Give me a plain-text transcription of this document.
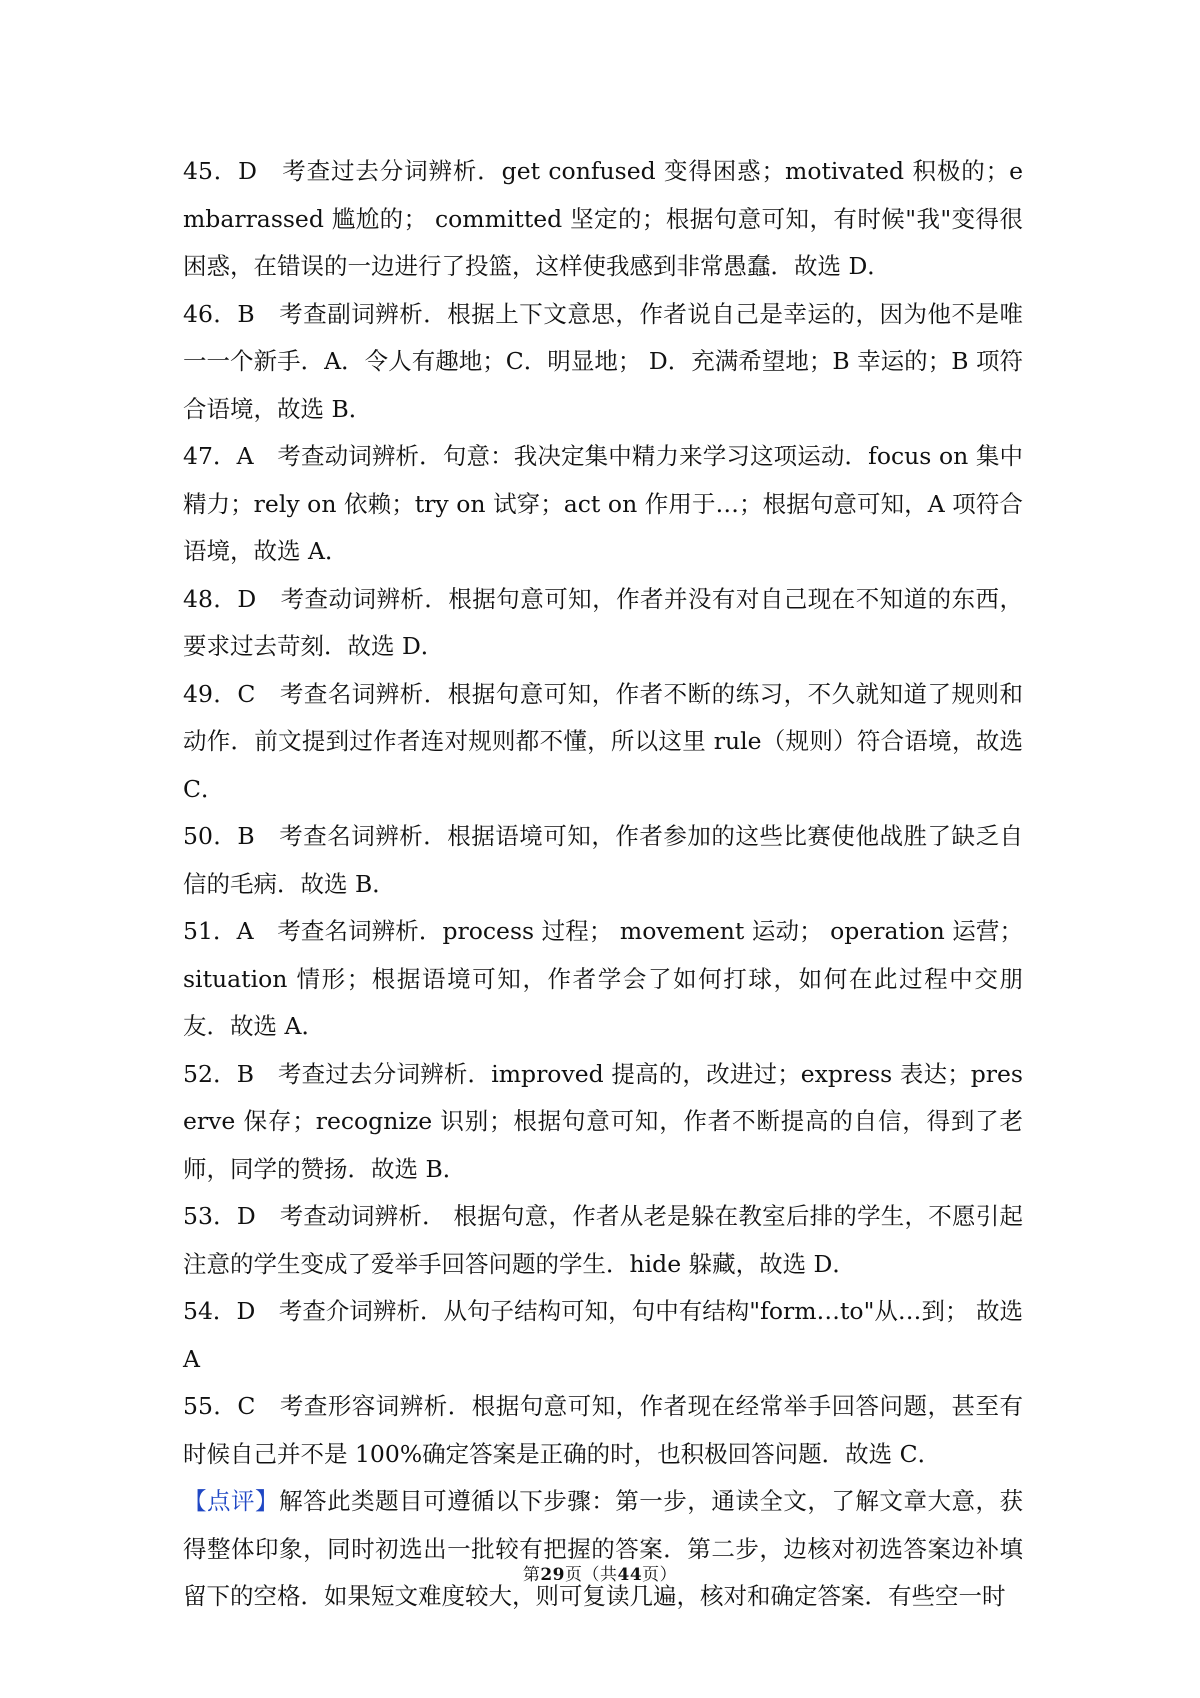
45．D　考查过去分词辨析．get confused 变得困惑；motivated 积极的；embarrassed 尴尬的； committed 坚定的；根据句意可知，有时候"我"变得很困惑，在错误的一边进行了投篮，这样使我感到非常愚蠢．故选 D．

46．B　考查副词辨析．根据上下文意思，作者说自己是幸运的，因为他不是唯一一个新手．A．令人有趣地；C．明显地； D．充满希望地；B 幸运的；B 项符合语境，故选 B．

47．A　考查动词辨析．句意：我决定集中精力来学习这项运动．focus on 集中精力；rely on 依赖；try on 试穿；act on 作用于…；根据句意可知，A 项符合语境，故选 A．

48．D　考查动词辨析．根据句意可知，作者并没有对自己现在不知道的东西，要求过去苛刻．故选 D．

49．C　考查名词辨析．根据句意可知，作者不断的练习，不久就知道了规则和动作．前文提到过作者连对规则都不懂，所以这里 rule（规则）符合语境，故选 C．

50．B　考查名词辨析．根据语境可知，作者参加的这些比赛使他战胜了缺乏自信的毛病．故选 B．

51．A　考查名词辨析．process 过程； movement 运动； operation 运营；situation 情形；根据语境可知，作者学会了如何打球，如何在此过程中交朋友．故选 A．

52．B　考查过去分词辨析．improved 提高的，改进过；express 表达；preserve 保存；recognize 识别；根据句意可知，作者不断提高的自信，得到了老师，同学的赞扬．故选 B．

53．D　考查动词辨析． 根据句意，作者从老是躲在教室后排的学生，不愿引起注意的学生变成了爱举手回答问题的学生．hide 躲藏，故选 D．

54．D　考查介词辨析．从句子结构可知，句中有结构"form…to"从…到； 故选 A

55．C　考查形容词辨析．根据句意可知，作者现在经常举手回答问题，甚至有时候自己并不是 100%确定答案是正确的时，也积极回答问题．故选 C．

【点评】解答此类题目可遵循以下步骤：第一步，通读全文，了解文章大意，获得整体印象，同时初选出一批较有把握的答案．第二步，边核对初选答案边补填留下的空格．如果短文难度较大，则可复读几遍，核对和确定答案．有些空一时

第29页（共44页）
